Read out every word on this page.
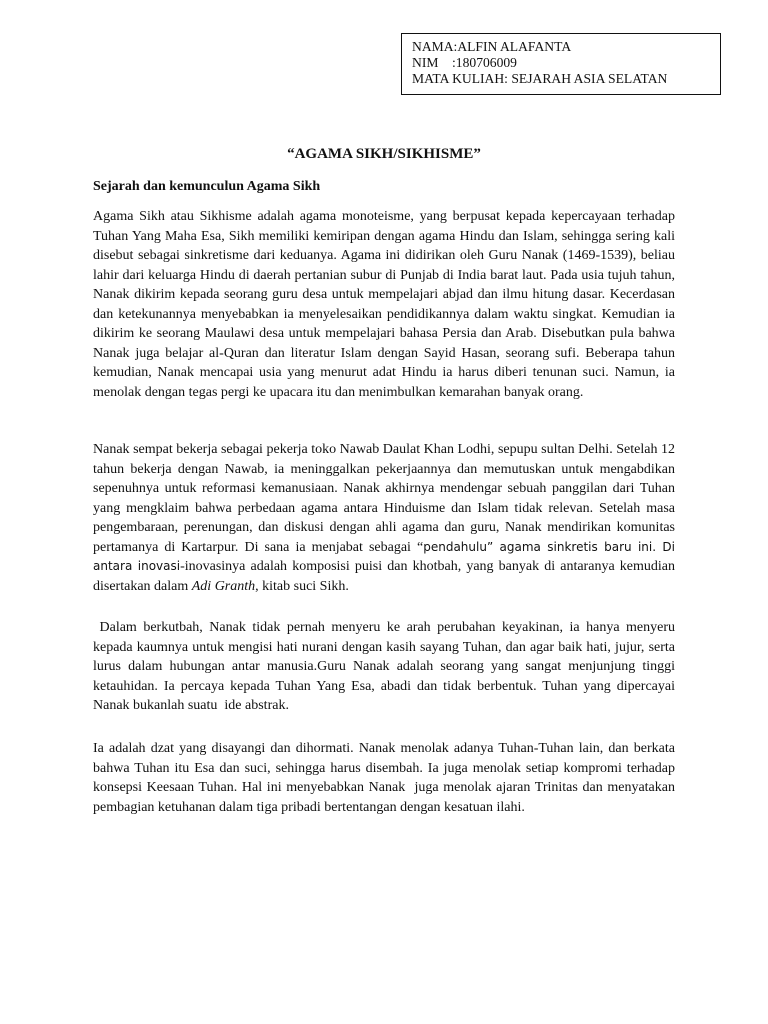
NAMA:ALFIN ALAFANTA
NIM    :180706009
MATA KULIAH: SEJARAH ASIA SELATAN
“AGAMA SIKH/SIKHISME”
Sejarah dan kemunculun Agama Sikh

Agama Sikh atau Sikhisme adalah agama monoteisme, yang berpusat kepada kepercayaan terhadap Tuhan Yang Maha Esa, Sikh memiliki kemiripan dengan agama Hindu dan Islam, sehingga sering kali disebut sebagai sinkretisme dari keduanya. Agama ini didirikan oleh Guru Nanak (1469-1539), beliau lahir dari keluarga Hindu di daerah pertanian subur di Punjab di India barat laut. Pada usia tujuh tahun, Nanak dikirim kepada seorang guru desa untuk mempelajari abjad dan ilmu hitung dasar. Kecerdasan dan ketekunannya menyebabkan ia menyelesaikan pendidikannya dalam waktu singkat. Kemudian ia dikirim ke seorang Maulawi desa untuk mempelajari bahasa Persia dan Arab. Disebutkan pula bahwa Nanak juga belajar al-Quran dan literatur Islam dengan Sayid Hasan, seorang sufi. Beberapa tahun kemudian, Nanak mencapai usia yang menurut adat Hindu ia harus diberi tenunan suci. Namun, ia menolak dengan tegas pergi ke upacara itu dan menimbulkan kemarahan banyak orang.

Nanak sempat bekerja sebagai pekerja toko Nawab Daulat Khan Lodhi, sepupu sultan Delhi. Setelah 12 tahun bekerja dengan Nawab, ia meninggalkan pekerjaannya dan memutuskan untuk mengabdikan sepenuhnya untuk reformasi kemanusiaan. Nanak akhirnya mendengar sebuah panggilan dari Tuhan yang mengklaim bahwa perbedaan agama antara Hinduisme dan Islam tidak relevan. Setelah masa pengembaraan, perenungan, dan diskusi dengan ahli agama dan guru, Nanak mendirikan komunitas pertamanya di Kartarpur. Di sana ia menjabat sebagai “pendahulu” agama sinkretis baru ini. Di antara inovasi-inovasinya adalah komposisi puisi dan khotbah, yang banyak di antaranya kemudian disertakan dalam Adi Granth, kitab suci Sikh.

Dalam berkutbah, Nanak tidak pernah menyeru ke arah perubahan keyakinan, ia hanya menyeru kepada kaumnya untuk mengisi hati nurani dengan kasih sayang Tuhan, dan agar baik hati, jujur, serta lurus dalam hubungan antar manusia.Guru Nanak adalah seorang yang sangat menjunjung tinggi ketauhidan. Ia percaya kepada Tuhan Yang Esa, abadi dan tidak berbentuk. Tuhan yang dipercayai Nanak bukanlah suatu  ide abstrak.

Ia adalah dzat yang disayangi dan dihormati. Nanak menolak adanya Tuhan-Tuhan lain, dan berkata bahwa Tuhan itu Esa dan suci, sehingga harus disembah. Ia juga menolak setiap kompromi terhadap konsepsi Keesaan Tuhan. Hal ini menyebabkan Nanak  juga menolak ajaran Trinitas dan menyatakan pembagian ketuhanan dalam tiga pribadi bertentangan dengan kesatuan ilahi.
